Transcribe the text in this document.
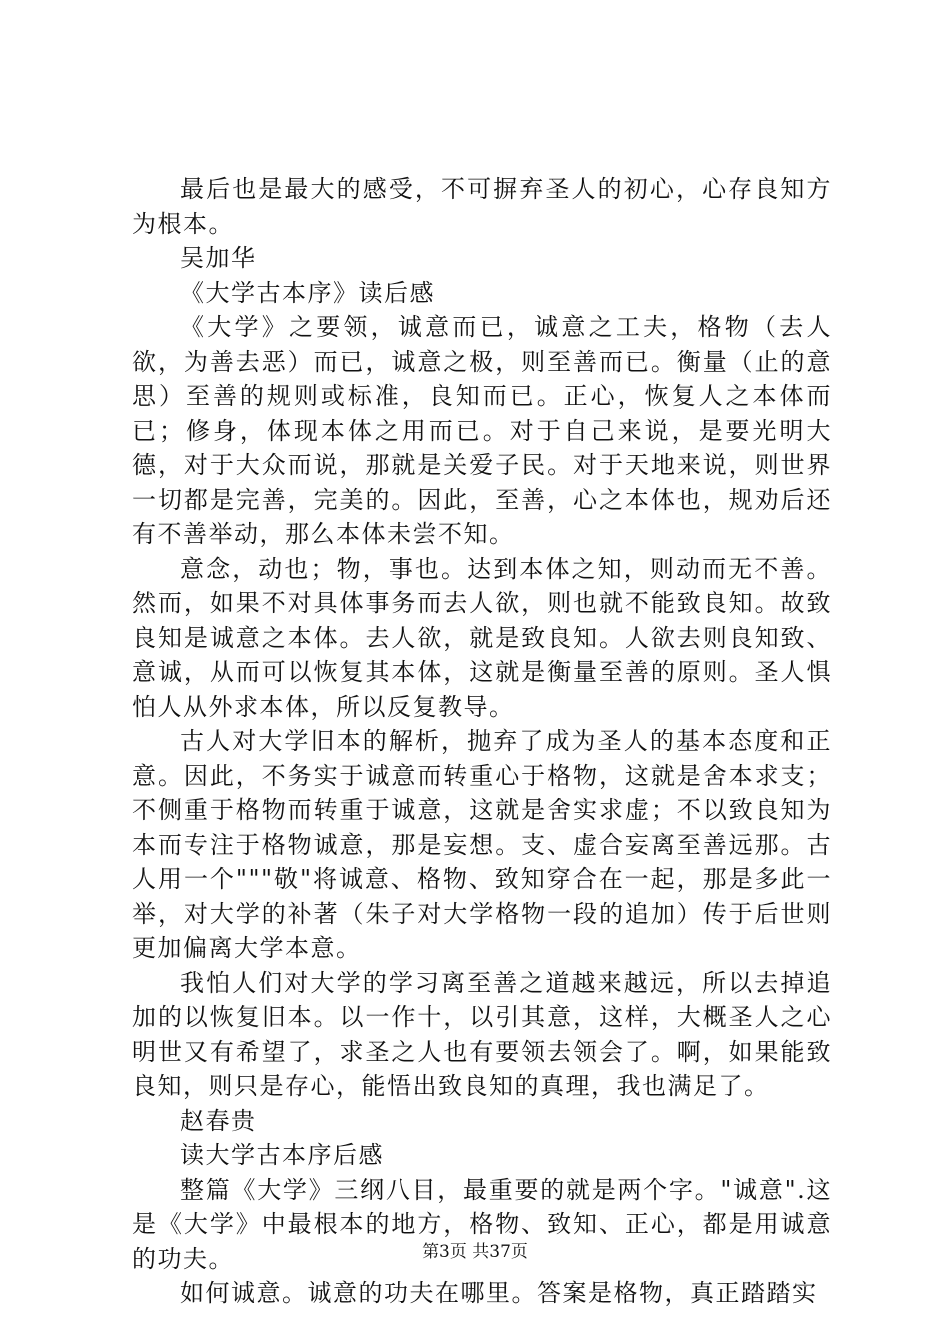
最后也是最大的感受，不可摒弃圣人的初心，心存良知方为根本。

吴加华

《大学古本序》读后感

《大学》之要领，诚意而已，诚意之工夫，格物（去人欲，为善去恶）而已，诚意之极，则至善而已。衡量（止的意思）至善的规则或标准，良知而已。正心，恢复人之本体而已；修身，体现本体之用而已。对于自己来说，是要光明大德，对于大众而说，那就是关爱子民。对于天地来说，则世界一切都是完善，完美的。因此，至善，心之本体也，规劝后还有不善举动，那么本体未尝不知。

意念，动也；物，事也。达到本体之知，则动而无不善。然而，如果不对具体事务而去人欲，则也就不能致良知。故致良知是诚意之本体。去人欲，就是致良知。人欲去则良知致、意诚，从而可以恢复其本体，这就是衡量至善的原则。圣人惧怕人从外求本体，所以反复教导。

古人对大学旧本的解析，抛弃了成为圣人的基本态度和正意。因此，不务实于诚意而转重心于格物，这就是舍本求支；不侧重于格物而转重于诚意，这就是舍实求虚；不以致良知为本而专注于格物诚意，那是妄想。支、虚合妄离至善远那。古人用一个"""敬"将诚意、格物、致知穿合在一起，那是多此一举，对大学的补著（朱子对大学格物一段的追加）传于后世则更加偏离大学本意。

我怕人们对大学的学习离至善之道越来越远，所以去掉追加的以恢复旧本。以一作十，以引其意，这样，大概圣人之心明世又有希望了，求圣之人也有要领去领会了。啊，如果能致良知，则只是存心，能悟出致良知的真理，我也满足了。

赵春贵

读大学古本序后感

整篇《大学》三纲八目，最重要的就是两个字。"诚意".这是《大学》中最根本的地方，格物、致知、正心，都是用诚意的功夫。

如何诚意。诚意的功夫在哪里。答案是格物，真正踏踏实

第3页 共37页
